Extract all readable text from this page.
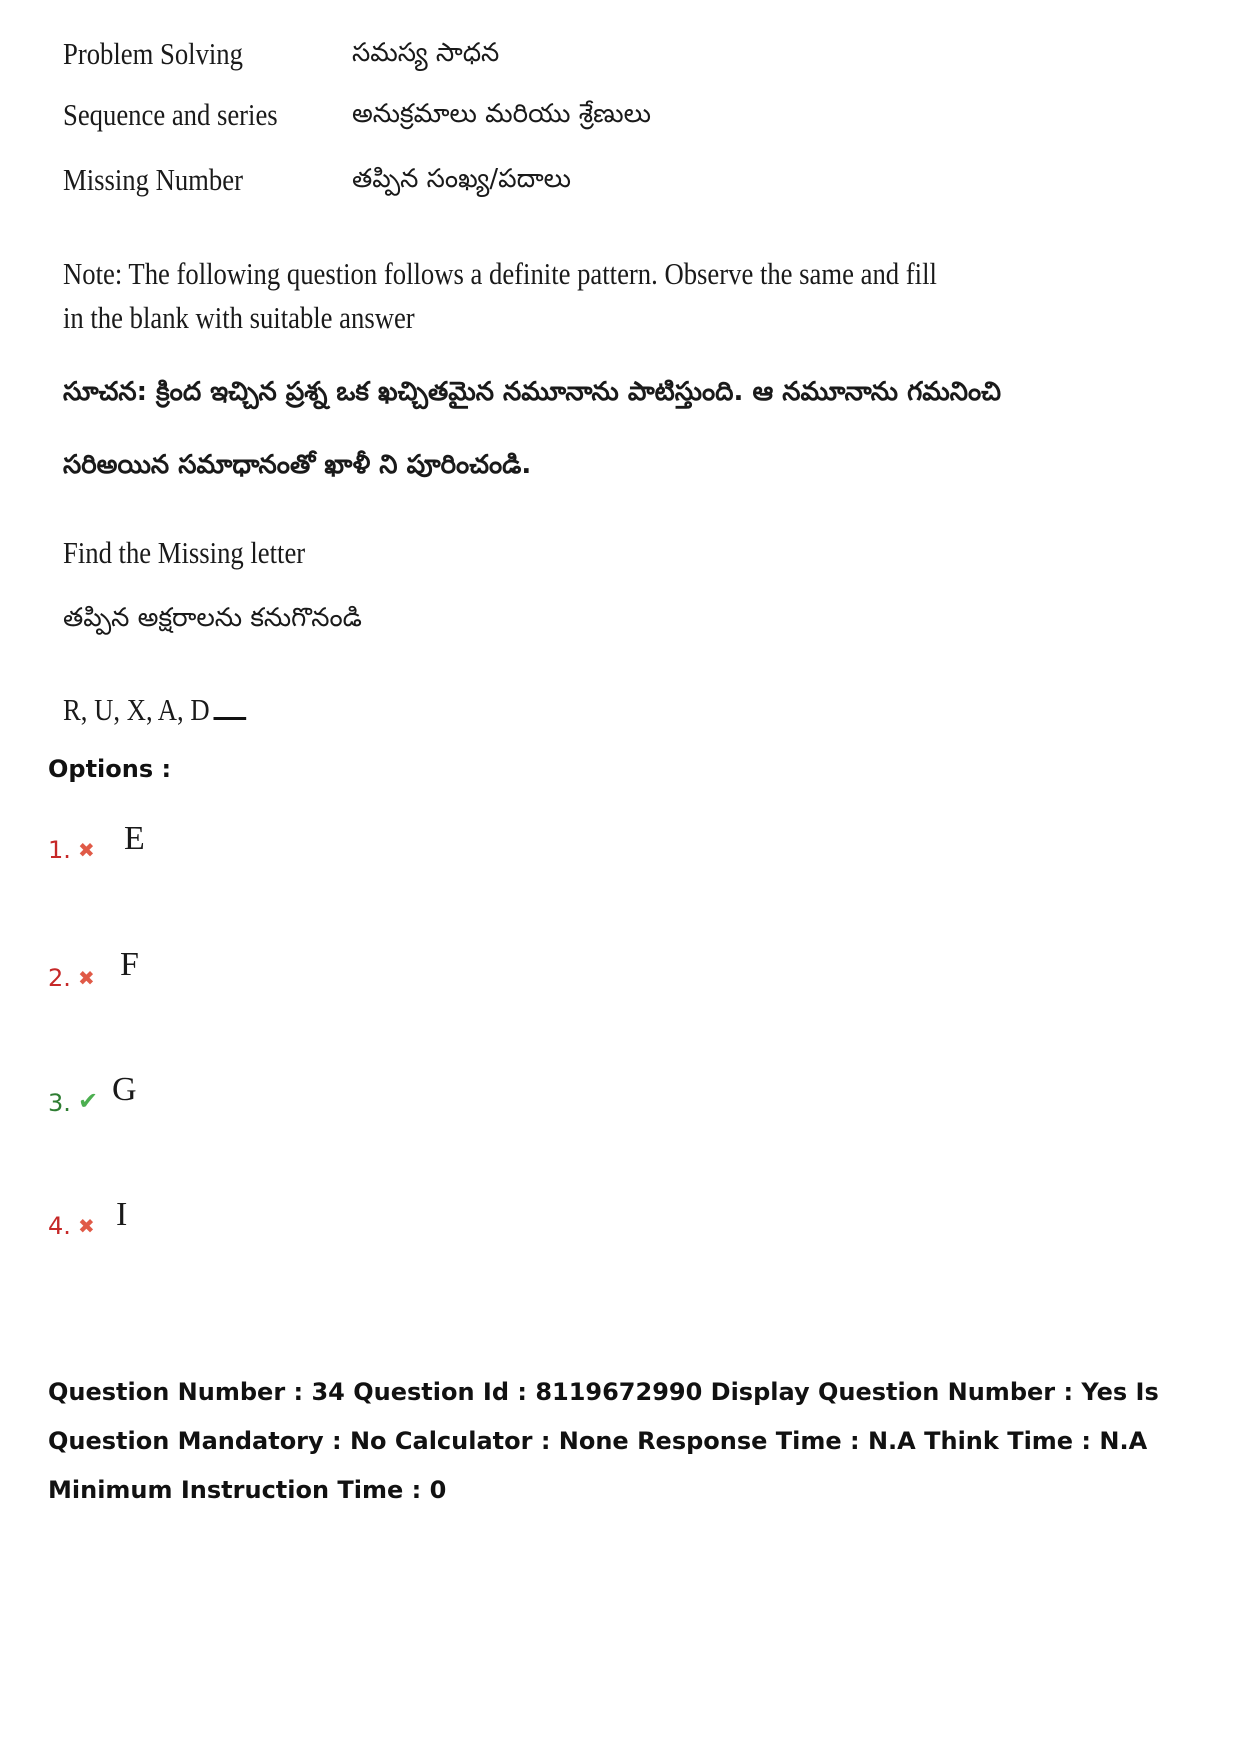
Problem Solving	సమస్య సాధన
Sequence and series	అనుక్రమాలు మరియు శ్రేణులు
Missing Number	తప్పిన సంఖ్య/పదాలు
Note: The following question follows a definite pattern. Observe the same and fill in the blank with suitable answer
సూచన: క్రింద ఇచ్చిన ప్రశ్న ఒక ఖచ్చితమైన నమూనాను పాటిస్తుంది. ఆ నమూనాను గమనించి
సరిఅయిన సమాధానంతో ఖాళీ ని పూరించండి.
Find the Missing letter
తప్పిన అక్షరాలను కనుగొనండి
R, U, X, A, D
Options :
1. ✖ E
2. ✖ F
3. ✔ G
4. ✖ I
Question Number : 34 Question Id : 8119672990 Display Question Number : Yes Is Question Mandatory : No Calculator : None Response Time : N.A Think Time : N.A Minimum Instruction Time : 0
